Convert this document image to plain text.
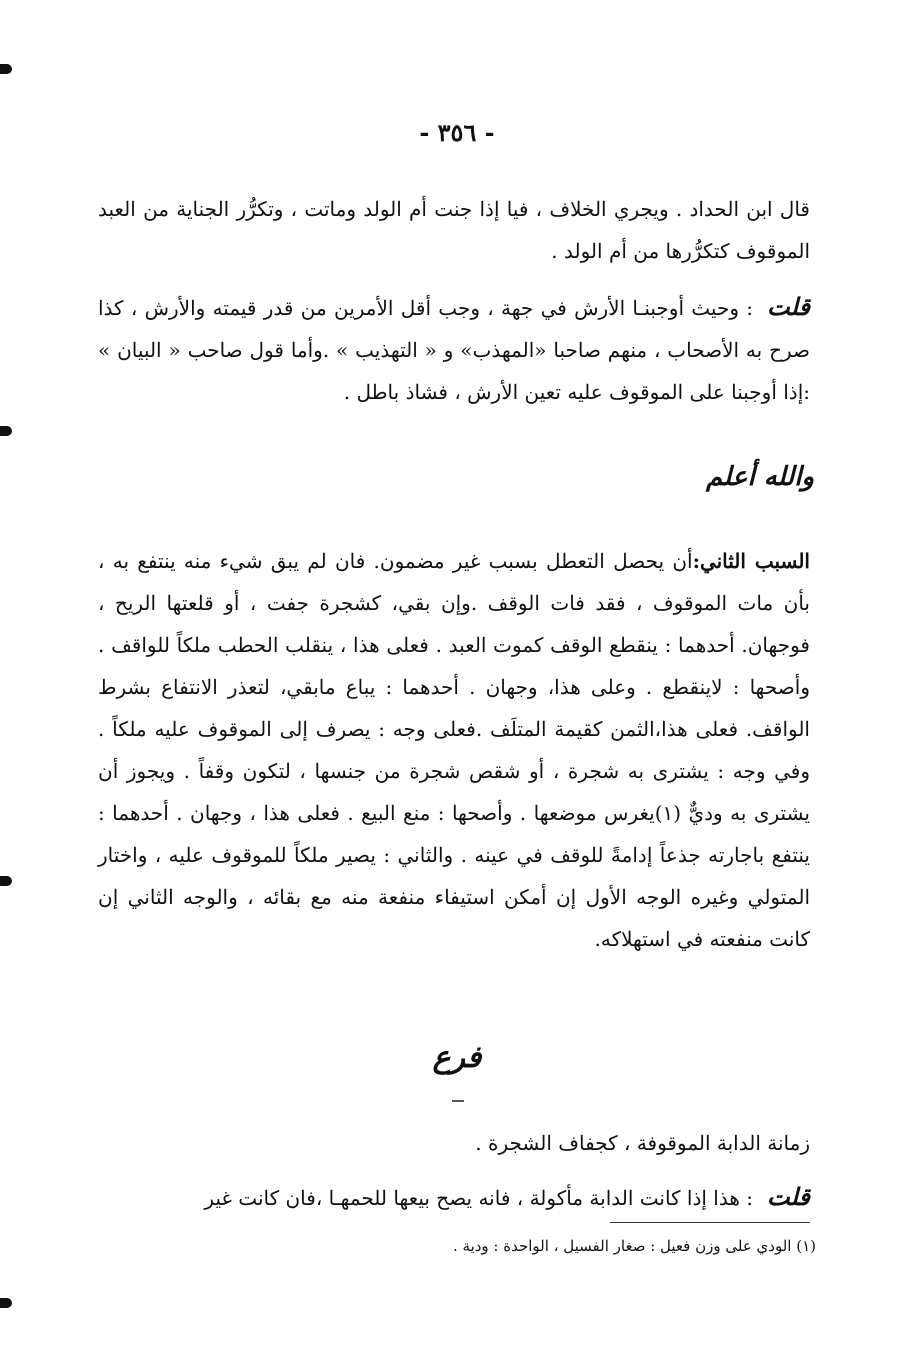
- ٣٥٦ -

قال ابن الحداد . ويجري الخلاف ، فيا إذا جنت أم الولد وماتت ، وتكرُّر الجناية من العبد الموقوف كتكرُّرها من أم الولد .

قلت: وحيث أوجبنـا الأرش في جهة ، وجب أقل الأمرين من قدر قيمته والأرش ، كذا صرح به الأصحاب ، منهم صاحبا «المهذب» و « التهذيب » .وأما قول صاحب « البيان » :إذا أوجبنا على الموقوف عليه تعين الأرش ، فشاذ باطل .

والله أعلم

السبب الثاني:أن يحصل التعطل بسبب غير مضمون. فان لم يبق شيء منه ينتفع به ، بأن مات الموقوف ، فقد فات الوقف .وإن بقي، كشجرة جفت ، أو قلعتها الريح ، فوجهان. أحدهما : ينقطع الوقف كموت العبد . فعلى هذا ، ينقلب الحطب ملكاً للواقف . وأصحها : لاينقطع . وعلى هذا، وجهان . أحدهما : يباع مابقي، لتعذر الانتفاع بشرط الواقف. فعلى هذا،الثمن كقيمة المتلَف .فعلى وجه : يصرف إلى الموقوف عليه ملكاً . وفي وجه : يشترى به شجرة ، أو شقص شجرة من جنسها ، لتكون وقفاً . ويجوز أن يشترى به وديٌّ (١)يغرس موضعها . وأصحها : منع البيع . فعلى هذا ، وجهان . أحدهما : ينتفع باجارته جذعاً إدامةً للوقف في عينه . والثاني : يصير ملكاً للموقوف عليه ، واختار المتولي وغيره الوجه الأول إن أمكن استيفاء منفعة منه مع بقائه ، والوجه الثاني إن كانت منفعته في استهلاكه.

فرع

زمانة الدابة الموقوفة ، كجفاف الشجرة .

قلت: هذا إذا كانت الدابة مأكولة ، فانه يصح بيعها للحمهـا ،فان كانت غير

(١) الودي على وزن فعيل : صغار الفسيل ، الواحدة : ودية .
